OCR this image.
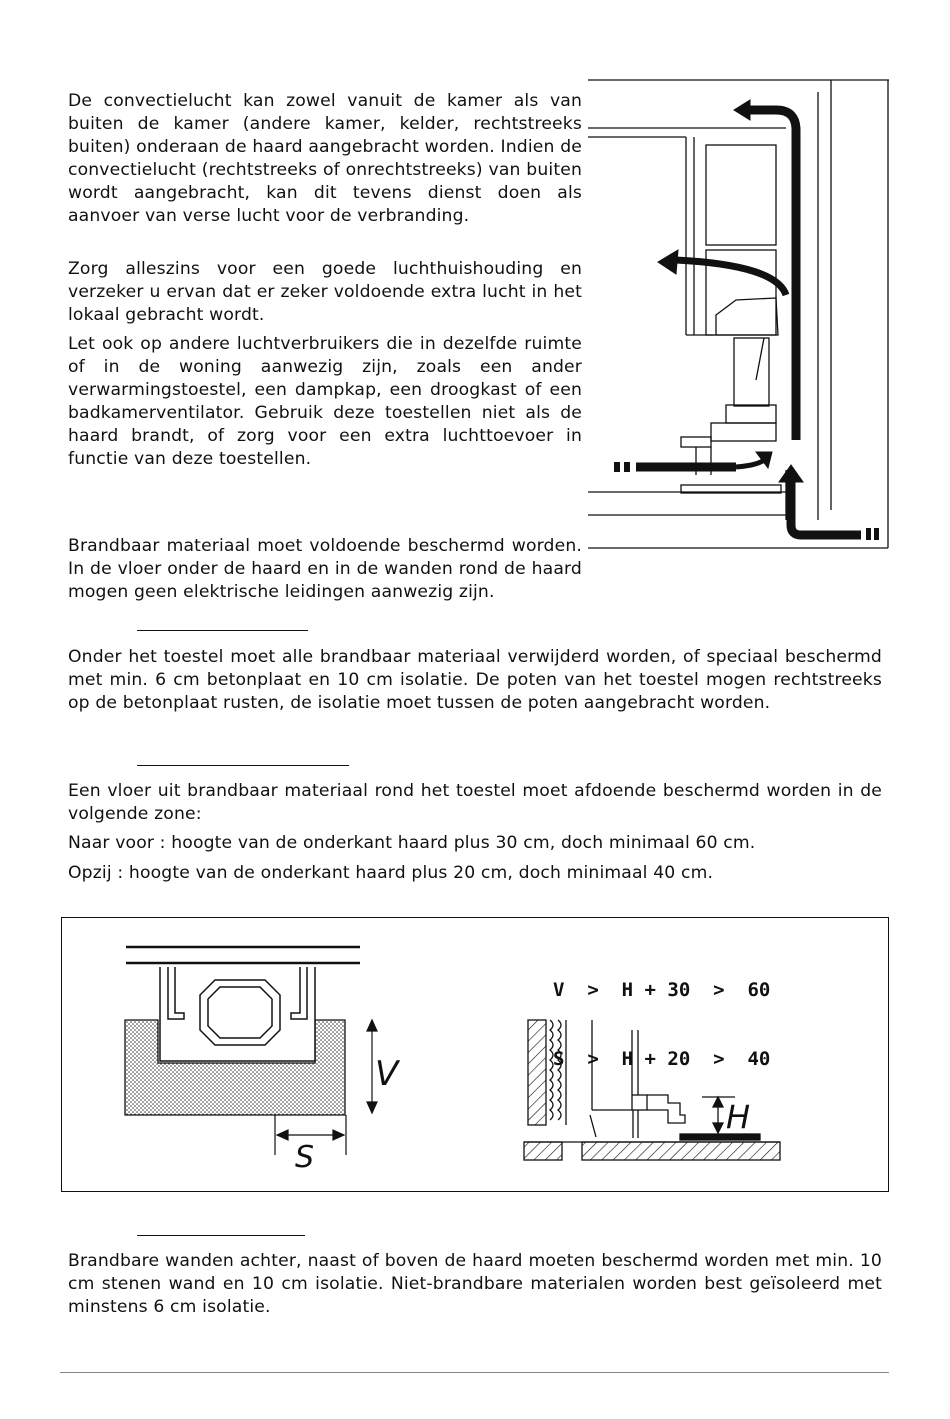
De convectielucht kan zowel vanuit de kamer als van buiten de kamer (andere kamer, kelder, rechtstreeks buiten) onderaan de haard aangebracht worden. Indien de convectielucht (rechtstreeks of onrechtstreeks) van buiten wordt aangebracht, kan dit tevens dienst doen als aanvoer van verse lucht voor de verbranding.

Zorg alleszins voor een goede luchthuishouding en verzeker u ervan dat er zeker voldoende extra lucht in het lokaal gebracht wordt.

Let ook op andere luchtverbruikers die in dezelfde ruimte of in de woning aanwezig zijn, zoals een ander verwarmingstoestel, een dampkap, een droogkast of een badkamerventilator. Gebruik deze toestellen niet als de haard brandt, of zorg voor een extra luchttoevoer in functie van deze toestellen.

Brandbaar materiaal moet voldoende beschermd worden. In de vloer onder de haard en in de wanden rond de haard mogen geen elektrische leidingen aanwezig zijn.

Onder het toestel moet alle brandbaar materiaal verwijderd worden, of speciaal beschermd met min. 6 cm betonplaat en 10 cm isolatie. De poten van het toestel mogen rechtstreeks op de betonplaat rusten, de isolatie moet tussen de poten aangebracht worden.

Een vloer uit brandbaar materiaal rond het toestel moet afdoende beschermd worden in de volgende zone:

Naar voor : hoogte van de onderkant haard plus 30 cm, doch minimaal 60 cm.

Opzij : hoogte van de onderkant haard plus 20 cm, doch minimaal 40 cm.

V
S

V  >  H + 30  >  60

S  >  H + 20  >  40

H

Brandbare wanden achter, naast of boven de haard moeten beschermd worden met min. 10 cm stenen wand en 10 cm isolatie. Niet-brandbare materialen worden best geïsoleerd met minstens 6 cm isolatie.
